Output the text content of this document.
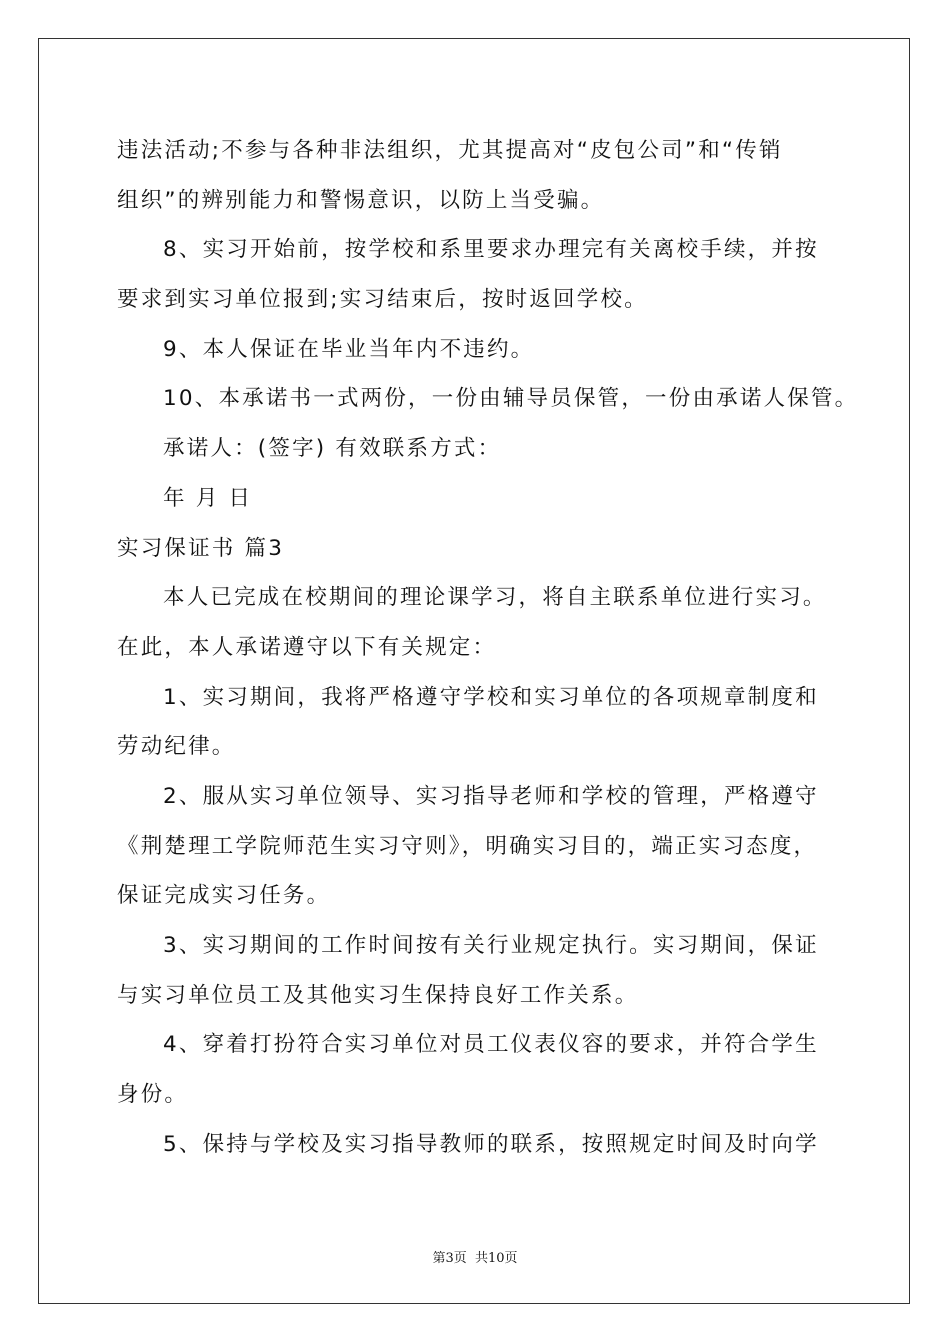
违法活动;不参与各种非法组织，尤其提高对“皮包公司”和“传销
组织”的辨别能力和警惕意识，以防上当受骗。
8、实习开始前，按学校和系里要求办理完有关离校手续，并按
要求到实习单位报到;实习结束后，按时返回学校。
9、本人保证在毕业当年内不违约。
10、本承诺书一式两份，一份由辅导员保管，一份由承诺人保管。
承诺人：(签字) 有效联系方式：
年 月 日
实习保证书 篇3
本人已完成在校期间的理论课学习，将自主联系单位进行实习。
在此，本人承诺遵守以下有关规定：
1、实习期间，我将严格遵守学校和实习单位的各项规章制度和
劳动纪律。
2、服从实习单位领导、实习指导老师和学校的管理，严格遵守
《荆楚理工学院师范生实习守则》，明确实习目的，端正实习态度，
保证完成实习任务。
3、实习期间的工作时间按有关行业规定执行。实习期间，保证
与实习单位员工及其他实习生保持良好工作关系。
4、穿着打扮符合实习单位对员工仪表仪容的要求，并符合学生
身份。
5、保持与学校及实习指导教师的联系，按照规定时间及时向学
第3页 共10页
